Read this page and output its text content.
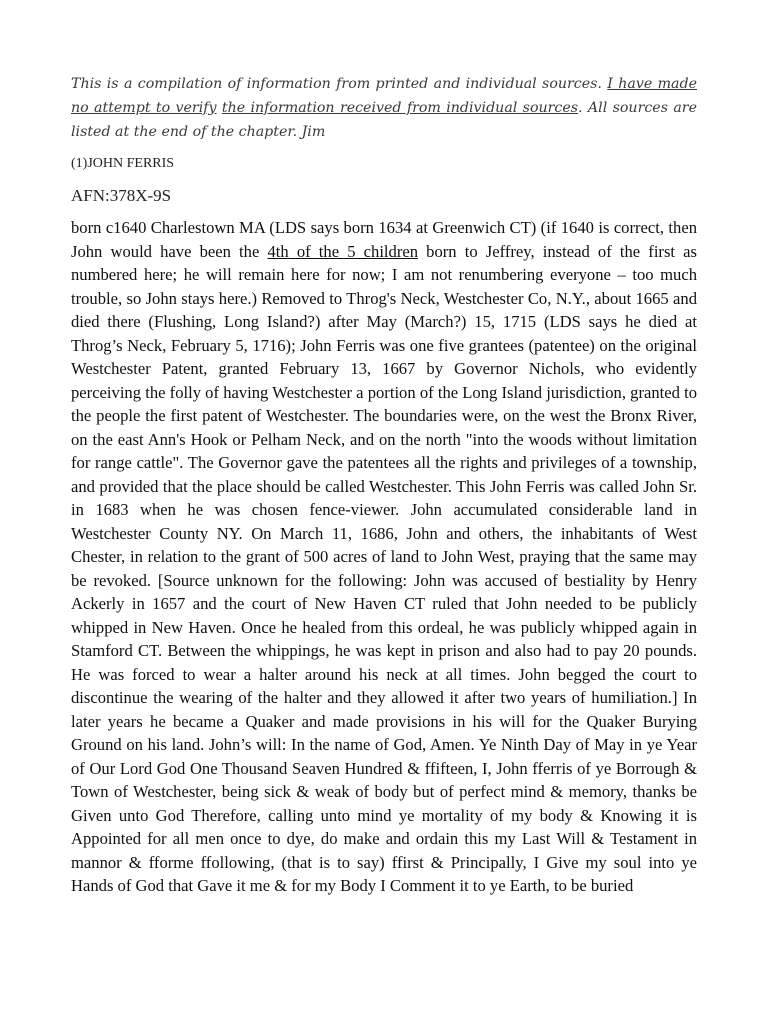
This is a compilation of information from printed and individual sources. I have made no attempt to verify the information received from individual sources. All sources are listed at the end of the chapter. Jim

(1)JOHN FERRIS

AFN:378X-9S

born c1640 Charlestown MA (LDS says born 1634 at Greenwich CT) (if 1640 is correct, then John would have been the 4th of the 5 children born to Jeffrey, instead of the first as numbered here; he will remain here for now; I am not renumbering everyone – too much trouble, so John stays here.) Removed to Throg's Neck, Westchester Co, N.Y., about 1665 and died there (Flushing, Long Island?) after May (March?) 15, 1715 (LDS says he died at Throg’s Neck, February 5, 1716); John Ferris was one five grantees (patentee) on the original Westchester Patent, granted February 13, 1667 by Governor Nichols, who evidently perceiving the folly of having Westchester a portion of the Long Island jurisdiction, granted to the people the first patent of Westchester. The boundaries were, on the west the Bronx River, on the east Ann's Hook or Pelham Neck, and on the north "into the woods without limitation for range cattle". The Governor gave the patentees all the rights and privileges of a township, and provided that the place should be called Westchester. This John Ferris was called John Sr. in 1683 when he was chosen fence-viewer. John accumulated considerable land in Westchester County NY. On March 11, 1686, John and others, the inhabitants of West Chester, in relation to the grant of 500 acres of land to John West, praying that the same may be revoked. [Source unknown for the following: John was accused of bestiality by Henry Ackerly in 1657 and the court of New Haven CT ruled that John needed to be publicly whipped in New Haven. Once he healed from this ordeal, he was publicly whipped again in Stamford CT. Between the whippings, he was kept in prison and also had to pay 20 pounds. He was forced to wear a halter around his neck at all times. John begged the court to discontinue the wearing of the halter and they allowed it after two years of humiliation.] In later years he became a Quaker and made provisions in his will for the Quaker Burying Ground on his land. John’s will: In the name of God, Amen. Ye Ninth Day of May in ye Year of Our Lord God One Thousand Seaven Hundred & ffifteen, I, John fferris of ye Borrough & Town of Westchester, being sick & weak of body but of perfect mind & memory, thanks be Given unto God Therefore, calling unto mind ye mortality of my body & Knowing it is Appointed for all men once to dye, do make and ordain this my Last Will & Testament in mannor & fforme ffollowing, (that is to say) ffirst & Principally, I Give my soul into ye Hands of God that Gave it me & for my Body I Comment it to ye Earth, to be buried
